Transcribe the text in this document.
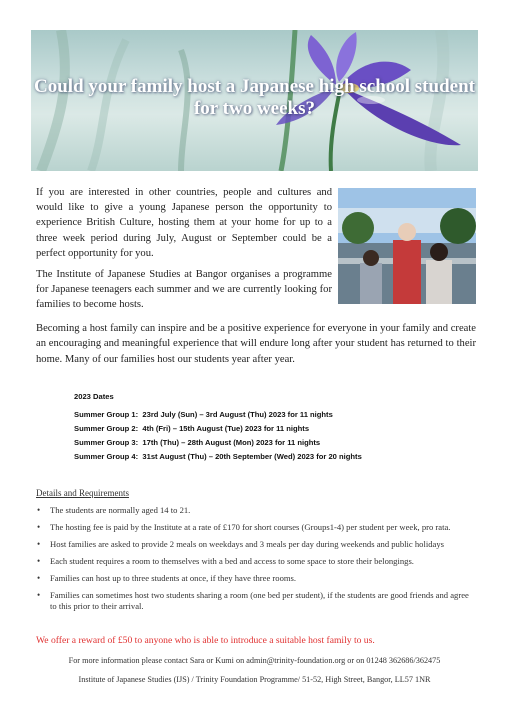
Could your family host a Japanese high school student for two weeks?

If you are interested in other countries, people and cultures and would like to give a young Japanese person the opportunity to experience British Culture, hosting them at your home for up to a three week period during July, August or September could be a perfect opportunity for you.

The Institute of Japanese Studies at Bangor organises a programme for Japanese teenagers each summer and we are currently looking for families to become hosts.

Becoming a host family can inspire and be a positive experience for everyone in your family and create an encouraging and meaningful experience that will endure long after your student has returned to their home. Many of our families host our students year after year.

2023 Dates
Summer Group 1: 23rd July (Sun) – 3rd August (Thu) 2023 for 11 nights
Summer Group 2: 4th (Fri) – 15th August (Tue) 2023 for 11 nights
Summer Group 3: 17th (Thu) – 28th August (Mon) 2023 for 11 nights
Summer Group 4: 31st August (Thu) – 20th September (Wed) 2023 for 20 nights
Details and Requirements
• The students are normally aged 14 to 21.
• The hosting fee is paid by the Institute at a rate of £170 for short courses (Groups1-4) per student per week, pro rata.
• Host families are asked to provide 2 meals on weekdays and 3 meals per day during weekends and public holidays
• Each student requires a room to themselves with a bed and access to some space to store their belongings.
• Families can host up to three students at once, if they have three rooms.
• Families can sometimes host two students sharing a room (one bed per student), if the students are good friends and agree to this prior to their arrival.
We offer a reward of £50 to anyone who is able to introduce a suitable host family to us.
For more information please contact Sara or Kumi on admin@trinity-foundation.org or on 01248 362686/362475
Institute of Japanese Studies (IJS) / Trinity Foundation Programme/ 51-52, High Street, Bangor, LL57 1NR
